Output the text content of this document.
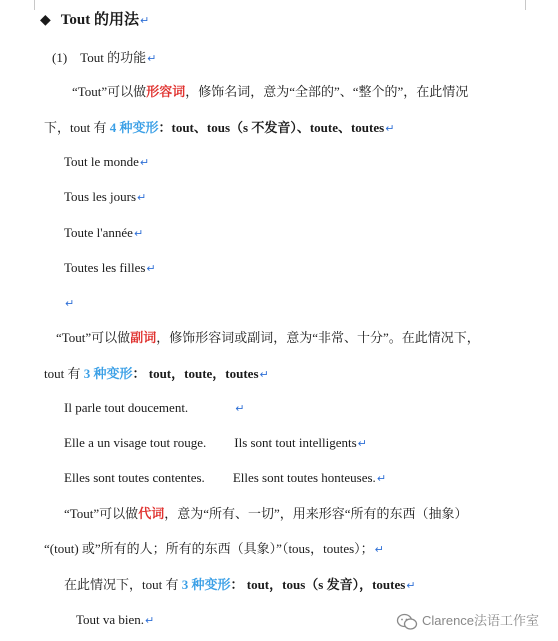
◆ Tout 的用法↵
(1) Tout 的功能↵
“Tout”可以做形容词，修饰名词，意为“全部的”、“整个的”，在此情况
下，tout 有 4 种变形：tout、tous（s 不发音）、toute、toutes↵
Tout le monde↵
Tous les jours↵
Toute l'année↵
Toutes les filles↵
↵
“Tout”可以做副词，修饰形容词或副词，意为“非常、十分”。在此情况下，
tout 有 3 种变形： tout，toute，toutes↵
Il parle tout doucement.	↵
Elle a un visage tout rouge. Ils sont tout intelligents↵
Elles sont toutes contentes. Elles sont toutes honteuses.↵
“Tout”可以做代词，意为“所有、一切”，用来形容“所有的东西（抽象）
“(tout) 或”所有的人；所有的东西（具象）”（tous，toutes）；↵
在此情况下，tout 有 3 种变形： tout，tous（s 发音），toutes↵
Tout va bien.↵	Clarence法语工作室
